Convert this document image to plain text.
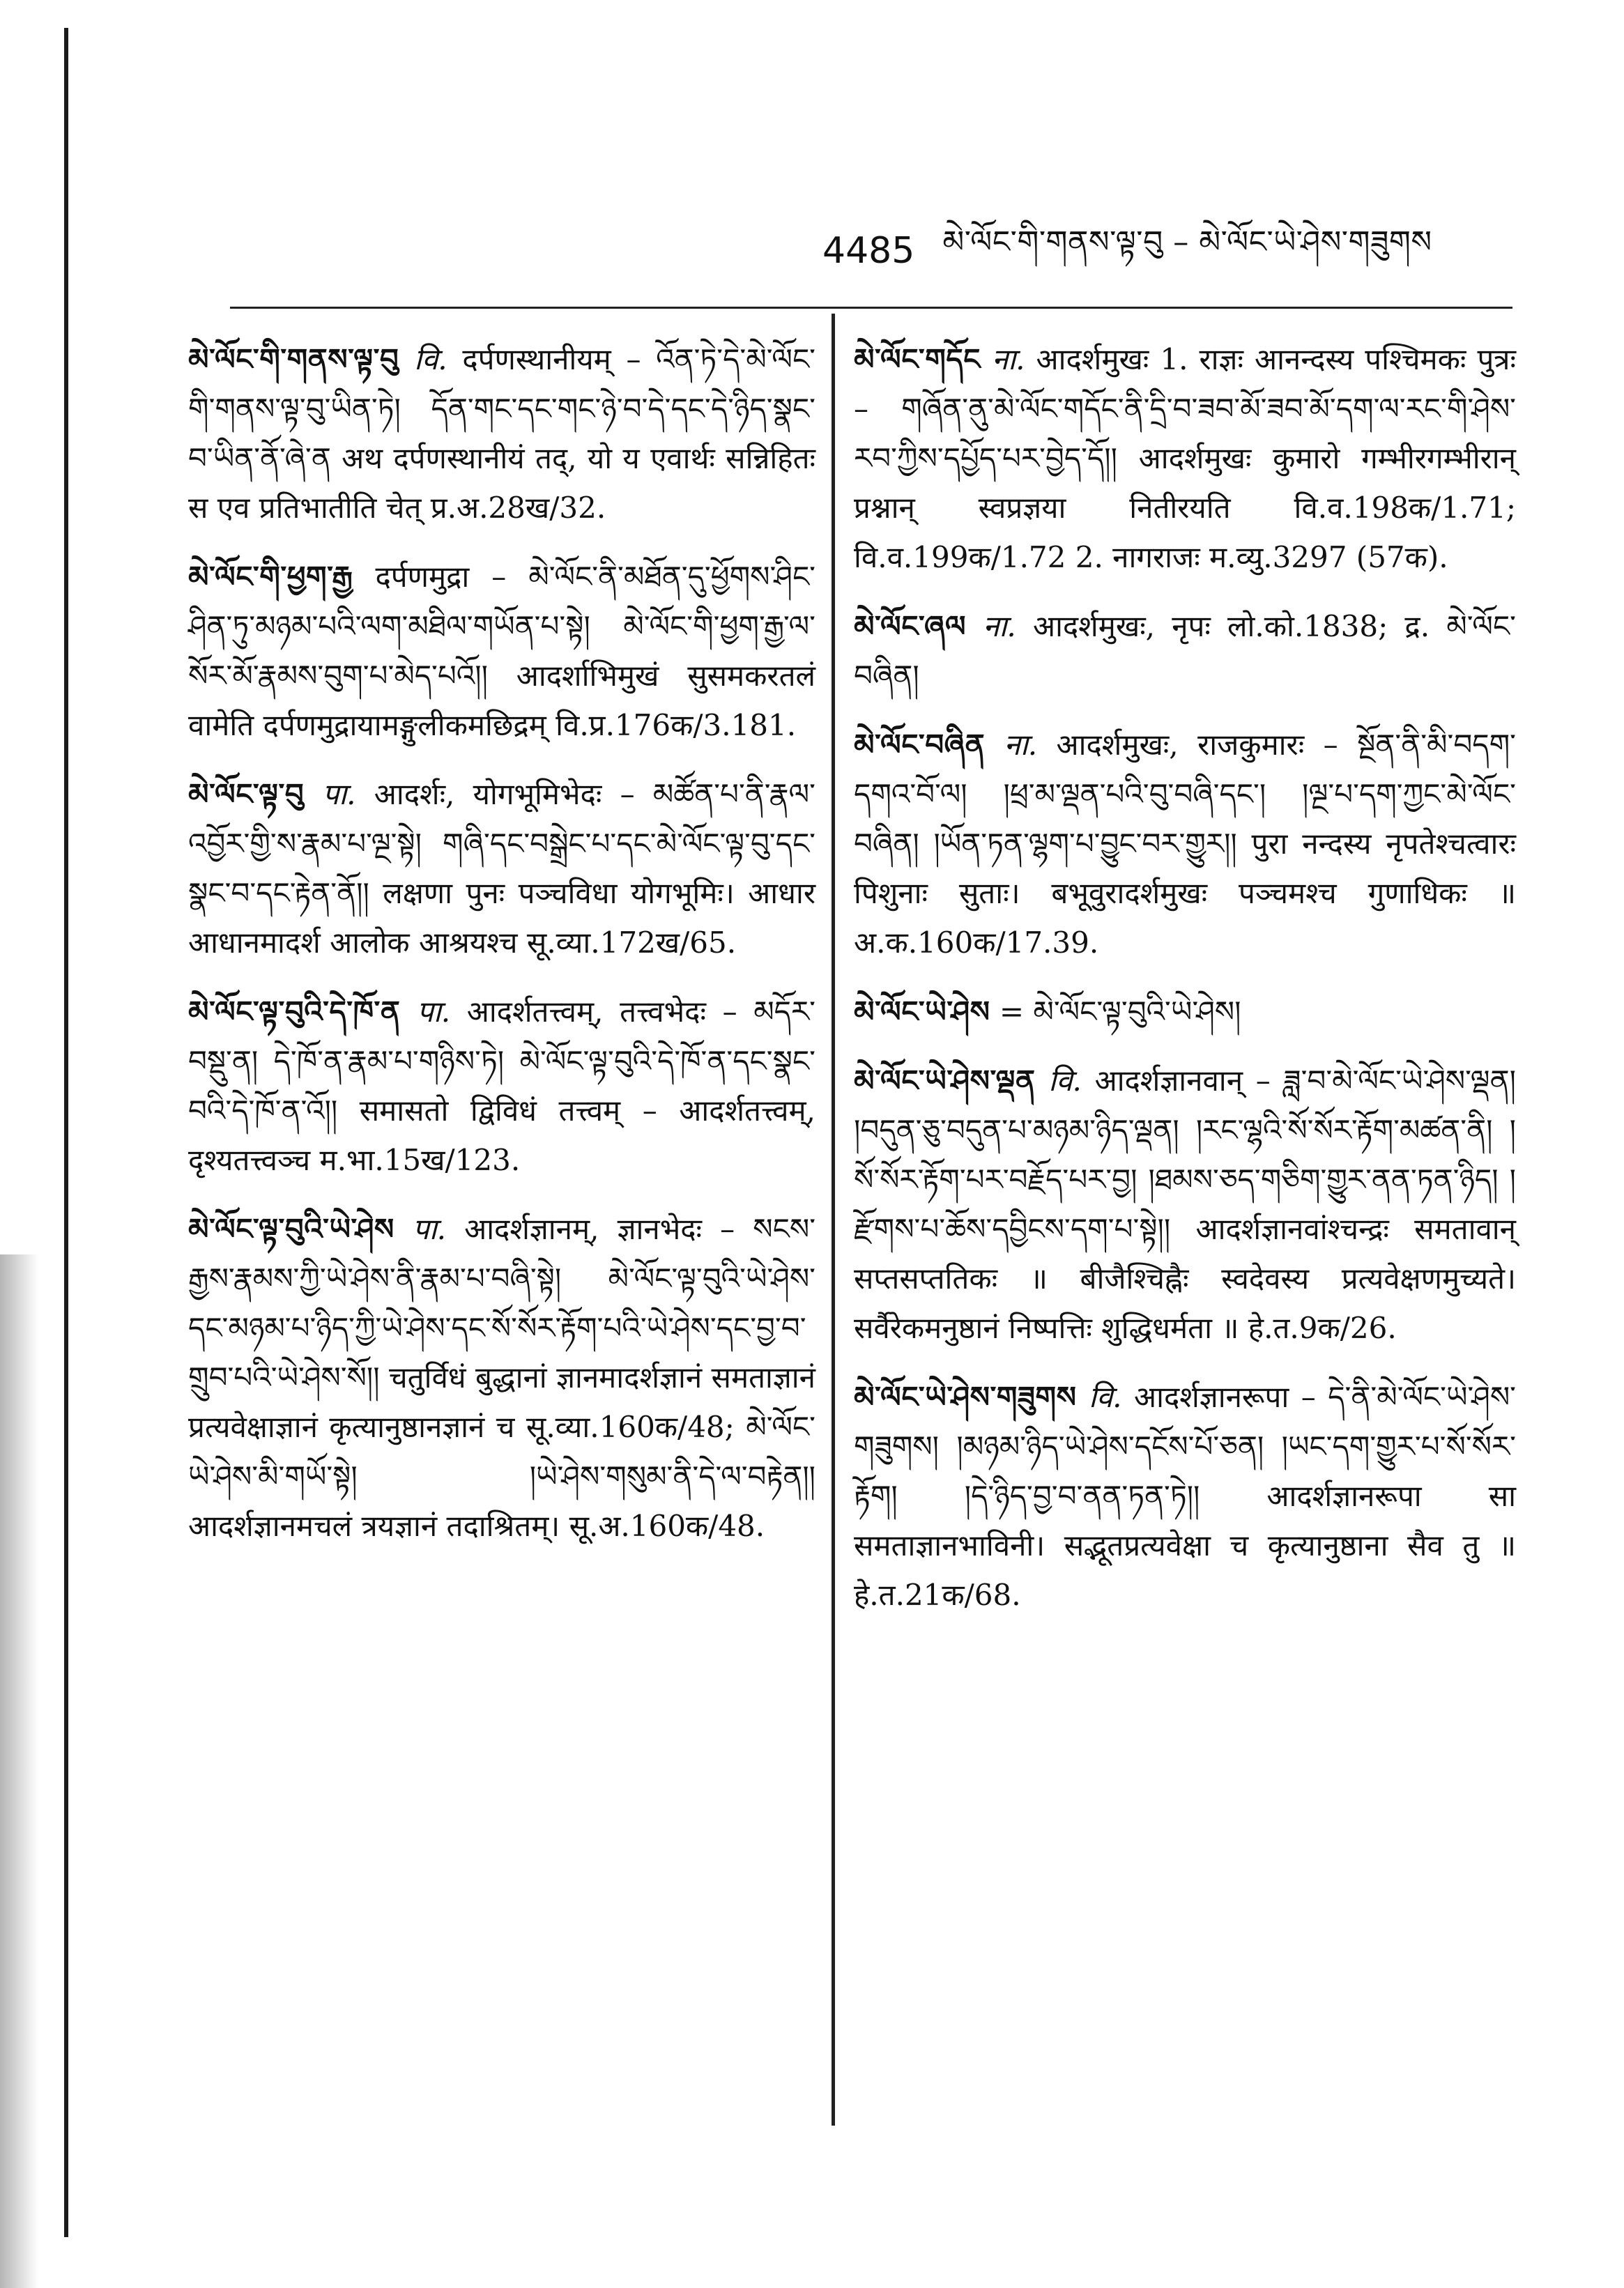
4485 མེ་ལོང་གི་གནས་ལྟ་བུ – མེ་ལོང་ཡེ་ཤེས་གཟུགས
མེ་ལོང་གི་གནས་ལྟ་བུ वि. दर्पणस्थानीयम् – འོན་ཏེ་དེ་མེ་ལོང་གི་གནས་ལྟ་བུ་ཡིན་ཏེ། དོན་གང་དང་གང་ཉེ་བ་དེ་དང་དེ་ཉིད་སྣང་བ་ཡིན་ནོ་ཞེ་ན अथ दर्पणस्थानीयं तद्, यो य एवार्थः सन्निहितः स एव प्रतिभातीति चेत् प्र.अ.28ख/32.
མེ་ལོང་གི་ཕྱག་རྒྱ दर्पणमुद्रा – མེ་ལོང་ནི་མཐོན་དུ་ཕྱོགས་ཤིང་ཤིན་ཏུ་མཉམ་པའི་ལག་མཐིལ་གཡོན་པ་སྟེ། མེ་ལོང་གི་ཕྱག་རྒྱ་ལ་སོར་མོ་རྣམས་བུག་པ་མེད་པའོ།། आदर्शाभिमुखं सुसमकरतलं वामेति दर्पणमुद्रायामङ्गुलीकमछिद्रम् वि.प्र.176क/3.181.
མེ་ལོང་ལྟ་བུ पा. आदर्शः, योगभूमिभेदः – མཚོན་པ་ནི་རྣལ་འབྱོར་གྱི་ས་རྣམ་པ་ལྔ་སྟེ། གཞི་དང་བསྒྲེང་པ་དང་མེ་ལོང་ལྟ་བུ་དང་སྣང་བ་དང་རྟེན་ནོ།། लक्षणा पुनः पञ्चविधा योगभूमिः। आधार आधानमादर्श आलोक आश्रयश्च सू.व्या.172ख/65.
མེ་ལོང་ལྟ་བུའི་དེ་ཁོ་ན पा. आदर्शतत्त्वम्, तत्त्वभेदः – མདོར་བསྡུ་ན། དེ་ཁོ་ན་རྣམ་པ་གཉིས་ཏེ། མེ་ལོང་ལྟ་བུའི་དེ་ཁོ་ན་དང་སྣང་བའི་དེ་ཁོ་ན་འོ།། समासतो द्विविधं तत्त्वम् – आदर्शतत्त्वम्, दृश्यतत्त्वञ्च म.भा.15ख/123.
མེ་ལོང་ལྟ་བུའི་ཡེ་ཤེས पा. आदर्शज्ञानम्, ज्ञानभेदः – སངས་རྒྱས་རྣམས་ཀྱི་ཡེ་ཤེས་ནི་རྣམ་པ་བཞི་སྟེ། མེ་ལོང་ལྟ་བུའི་ཡེ་ཤེས་དང་མཉམ་པ་ཉིད་ཀྱི་ཡེ་ཤེས་དང་སོ་སོར་རྟོག་པའི་ཡེ་ཤེས་དང་བྱ་བ་གྲུབ་པའི་ཡེ་ཤེས་སོ།། चतुर्विधं बुद्धानां ज्ञानमादर्शज्ञानं समताज्ञानं प्रत्यवेक्षाज्ञानं कृत्यानुष्ठानज्ञानं च सू.व्या.160क/48; མེ་ལོང་ཡེ་ཤེས་མི་གཡོ་སྟེ། །ཡེ་ཤེས་གསུམ་ནི་དེ་ལ་བརྟེན།། आदर्शज्ञानमचलं त्रयज्ञानं तदाश्रितम्। सू.अ.160क/48.
མེ་ལོང་གདོང ना. आदर्शमुखः 1. राज्ञः आनन्दस्य पश्चिमकः पुत्रः – གཞོན་ནུ་མེ་ལོང་གདོང་ནི་དྲི་བ་ཟབ་མོ་ཟབ་མོ་དག་ལ་རང་གི་ཤེས་རབ་ཀྱིས་དཔྱོད་པར་བྱེད་དོ།། आदर्शमुखः कुमारो गम्भीरगम्भीरान् प्रश्नान् स्वप्रज्ञया नितीरयति वि.व.198क/1.71; वि.व.199क/1.72 2. नागराजः म.व्यु.3297 (57क).
མེ་ལོང་ཞལ ना. आदर्शमुखः, नृपः लो.को.1838; द्र. མེ་ལོང་བཞིན།
མེ་ལོང་བཞིན ना. आदर्शमुखः, राजकुमारः – སྔོན་ནི་མི་བདག་དགའ་བོ་ལ། །ཕྲ་མ་ལྡན་པའི་བུ་བཞི་དང་། །ལྔ་པ་དག་ཀྱང་མེ་ལོང་བཞིན། །ཡོན་ཏན་ལྷག་པ་བྱུང་བར་གྱུར།། पुरा नन्दस्य नृपतेश्चत्वारः पिशुनाः सुताः। बभूवुरादर्शमुखः पञ्चमश्च गुणाधिकः ॥ अ.क.160क/17.39.
མེ་ལོང་ཡེ་ཤེས = མེ་ལོང་ལྟ་བུའི་ཡེ་ཤེས།
མེ་ལོང་ཡེ་ཤེས་ལྡན वि. आदर्शज्ञानवान् – ཟླ་བ་མེ་ལོང་ཡེ་ཤེས་ལྡན། །བདུན་ཅུ་བདུན་པ་མཉམ་ཉིད་ལྡན། །རང་ལྷའི་སོ་སོར་རྟོག་མཚན་ནི། །སོ་སོར་རྟོག་པར་བརྗོད་པར་བྱ། །ཐམས་ཅད་གཅིག་གྱུར་ནན་ཏན་ཉིད། །རྫོགས་པ་ཆོས་དབྱིངས་དག་པ་སྟེ།། आदर्शज्ञानवांश्चन्द्रः समतावान् सप्तसप्ततिकः ॥ बीजैश्चिह्नैः स्वदेवस्य प्रत्यवेक्षणमुच्यते। सर्वैरेकमनुष्ठानं निष्पत्तिः शुद्धिधर्मता ॥ हे.त.9क/26.
མེ་ལོང་ཡེ་ཤེས་གཟུགས वि. आदर्शज्ञानरूपा – དེ་ནི་མེ་ལོང་ཡེ་ཤེས་གཟུགས། །མཉམ་ཉིད་ཡེ་ཤེས་དངོས་པོ་ཅན། །ཡང་དག་གྱུར་པ་སོ་སོར་རྟོག། །དེ་ཉིད་བྱ་བ་ནན་ཏན་ཏེ།། आदर्शज्ञानरूपा सा समताज्ञानभाविनी। सद्भूतप्रत्यवेक्षा च कृत्यानुष्ठाना सैव तु ॥ हे.त.21क/68.
